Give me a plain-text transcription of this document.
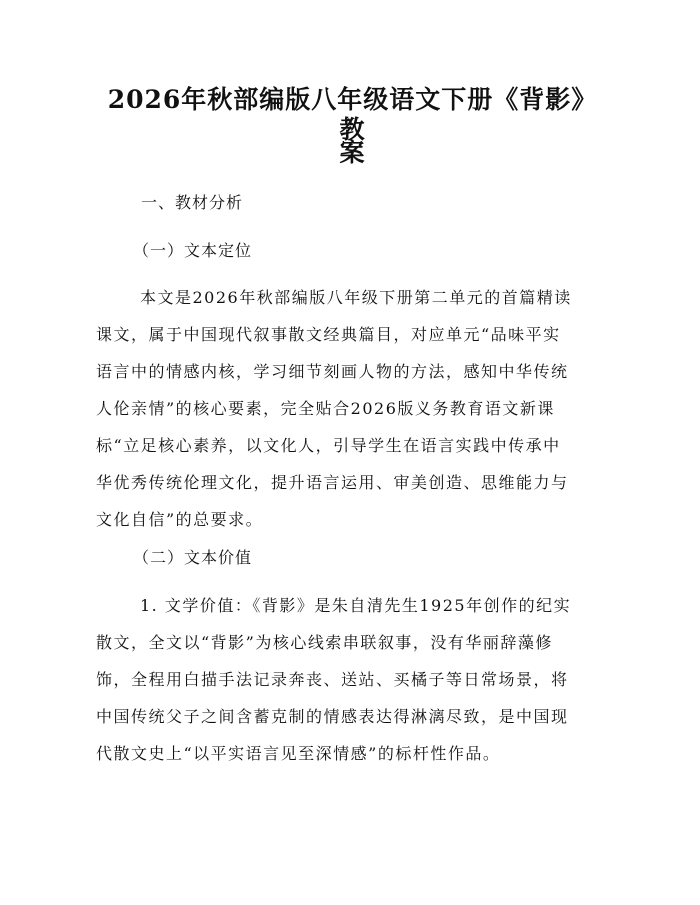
2026年秋部编版八年级语文下册《背影》教
案
一、教材分析
（一）文本定位
本文是2026年秋部编版八年级下册第二单元的首篇精读
课文，属于中国现代叙事散文经典篇目，对应单元“品味平实
语言中的情感内核，学习细节刻画人物的方法，感知中华传统
人伦亲情”的核心要素，完全贴合2026版义务教育语文新课
标“立足核心素养，以文化人，引导学生在语言实践中传承中
华优秀传统伦理文化，提升语言运用、审美创造、思维能力与
文化自信”的总要求。
（二）文本价值
1. 文学价值：《背影》是朱自清先生1925年创作的纪实
散文，全文以“背影”为核心线索串联叙事，没有华丽辞藻修
饰，全程用白描手法记录奔丧、送站、买橘子等日常场景，将
中国传统父子之间含蓄克制的情感表达得淋漓尽致，是中国现
代散文史上“以平实语言见至深情感”的标杆性作品。
